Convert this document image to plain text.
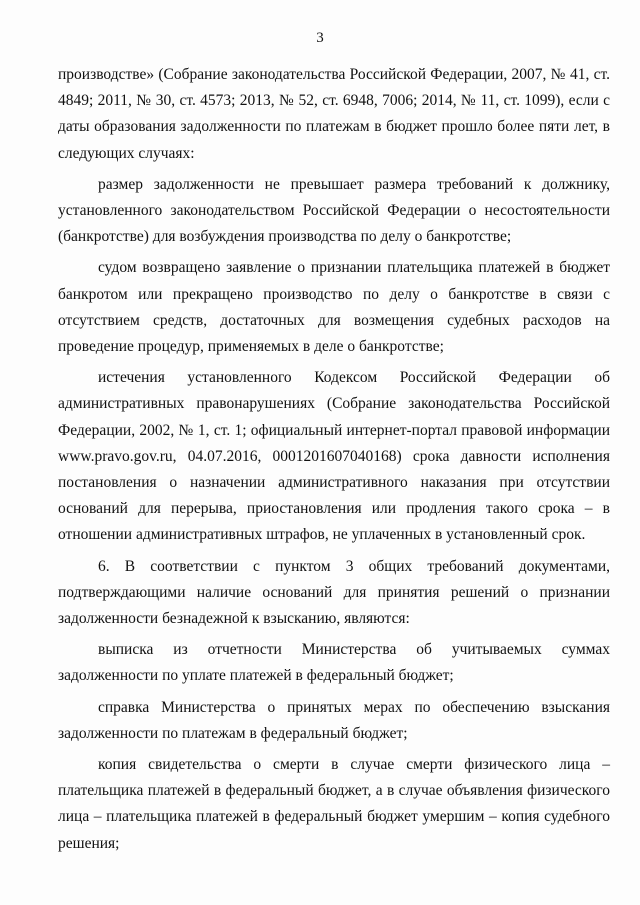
3

производстве» (Собрание законодательства Российской Федерации, 2007, № 41, ст. 4849; 2011, № 30, ст. 4573; 2013, № 52, ст. 6948, 7006; 2014, № 11, ст. 1099), если с даты образования задолженности по платежам в бюджет прошло более пяти лет, в следующих случаях:

размер задолженности не превышает размера требований к должнику, установленного законодательством Российской Федерации о несостоятельности (банкротстве) для возбуждения производства по делу о банкротстве;

судом возвращено заявление о признании плательщика платежей в бюджет банкротом или прекращено производство по делу о банкротстве в связи с отсутствием средств, достаточных для возмещения судебных расходов на проведение процедур, применяемых в деле о банкротстве;

истечения установленного Кодексом Российской Федерации об административных правонарушениях (Собрание законодательства Российской Федерации, 2002, № 1, ст. 1; официальный интернет-портал правовой информации www.pravo.gov.ru, 04.07.2016, 0001201607040168) срока давности исполнения постановления о назначении административного наказания при отсутствии оснований для перерыва, приостановления или продления такого срока – в отношении административных штрафов, не уплаченных в установленный срок.

6. В соответствии с пунктом 3 общих требований документами, подтверждающими наличие оснований для принятия решений о признании задолженности безнадежной к взысканию, являются:

выписка из отчетности Министерства об учитываемых суммах задолженности по уплате платежей в федеральный бюджет;

справка Министерства о принятых мерах по обеспечению взыскания задолженности по платежам в федеральный бюджет;

копия свидетельства о смерти в случае смерти физического лица – плательщика платежей в федеральный бюджет, а в случае объявления физического лица – плательщика платежей в федеральный бюджет умершим – копия судебного решения;
